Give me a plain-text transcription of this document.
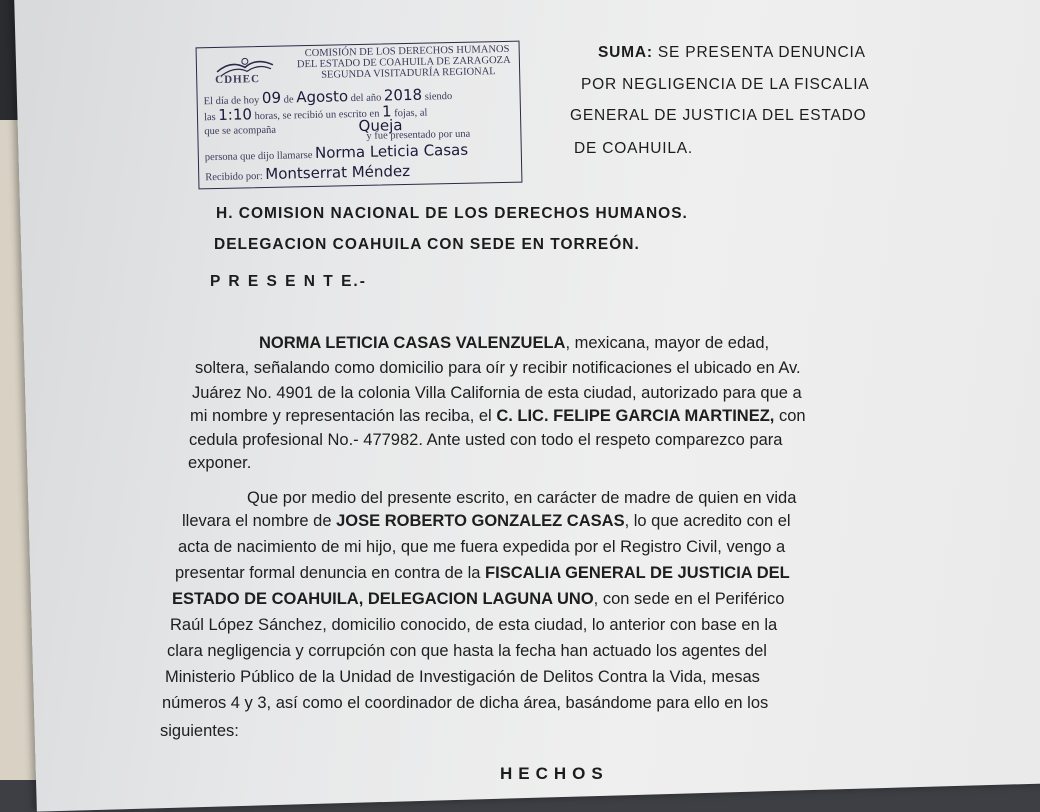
CDHEC
COMISIÓN DE LOS DERECHOS HUMANOS
DEL ESTADO DE COAHUILA DE ZARAGOZA
SEGUNDA VISITADURÍA REGIONAL
El día de hoy 09 de Agosto del año 2018 siendo
las 1:10 horas, se recibió un escrito en 1 fojas, al
que se acompaña	Queja
y fue presentado por una
persona que dijo llamarse Norma Leticia Casas
Recibido por: Montserrat Méndez
SUMA: SE PRESENTA DENUNCIA
POR NEGLIGENCIA DE LA FISCALIA
GENERAL DE JUSTICIA DEL ESTADO
DE COAHUILA.
H. COMISION NACIONAL DE LOS DERECHOS HUMANOS.
DELEGACION COAHUILA CON SEDE EN TORREÓN.
P R E S E N T E.-
NORMA LETICIA CASAS VALENZUELA, mexicana, mayor de edad,
soltera, señalando como domicilio para oír y recibir notificaciones el ubicado en Av.
Juárez No. 4901 de la colonia Villa California de esta ciudad, autorizado para que a
mi nombre y representación las reciba, el C. LIC. FELIPE GARCIA MARTINEZ, con
cedula profesional No.- 477982. Ante usted con todo el respeto comparezco para
exponer.
Que por medio del presente escrito, en carácter de madre de quien en vida
llevara el nombre de JOSE ROBERTO GONZALEZ CASAS, lo que acredito con el
acta de nacimiento de mi hijo, que me fuera expedida por el Registro Civil, vengo a
presentar formal denuncia en contra de la FISCALIA GENERAL DE JUSTICIA DEL
ESTADO DE COAHUILA, DELEGACION LAGUNA UNO, con sede en el Periférico
Raúl López Sánchez, domicilio conocido, de esta ciudad, lo anterior con base en la
clara negligencia y corrupción con que hasta la fecha han actuado los agentes del
Ministerio Público de la Unidad de Investigación de Delitos Contra la Vida, mesas
números 4 y 3, así como el coordinador de dicha área, basándome para ello en los
siguientes:
HECHOS
